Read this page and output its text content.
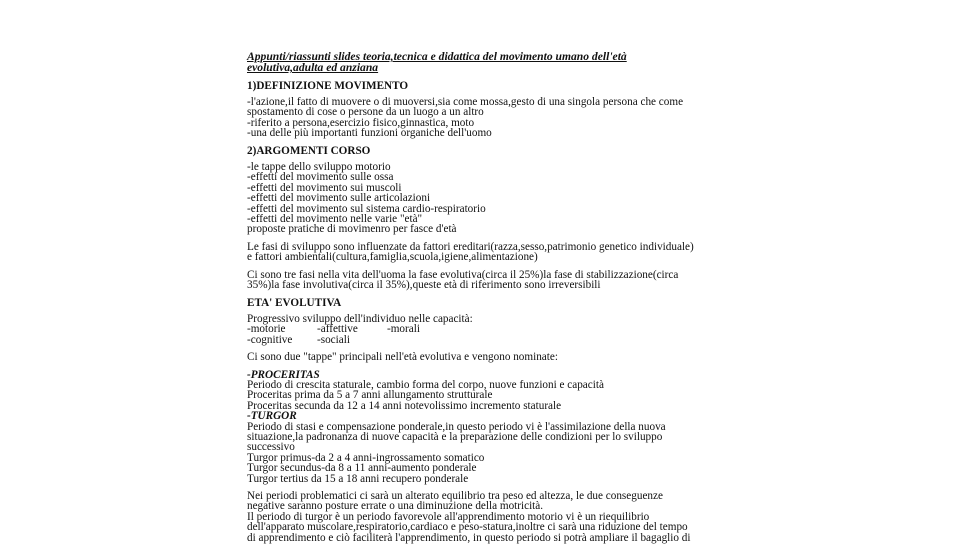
Appunti/riassunti slides teoria,tecnica e didattica del movimento umano dell'età
evolutiva,adulta ed anziana
1)DEFINIZIONE MOVIMENTO
-l'azione,il fatto di muovere o di muoversi,sia come mossa,gesto di una singola persona che come
spostamento di cose o persone da un luogo a un altro
-riferito a persona,esercizio fisico,ginnastica, moto
-una delle più importanti funzioni organiche dell'uomo
2)ARGOMENTI CORSO
-le tappe dello sviluppo motorio
-effetti del movimento sulle ossa
-effetti del movimento sui muscoli
-effetti del movimento sulle articolazioni
-effetti del movimento sul sistema cardio-respiratorio
-effetti del movimento nelle varie "età"
proposte pratiche di movimenro per fasce d'età
Le fasi di sviluppo sono influenzate da fattori ereditari(razza,sesso,patrimonio genetico individuale)
e fattori ambientali(cultura,famiglia,scuola,igiene,alimentazione)
Ci sono tre fasi nella vita dell'uoma la fase evolutiva(circa il 25%)la fase di stabilizzazione(circa
35%)la fase involutiva(circa il 35%),queste età di riferimento sono irreversibili
ETA' EVOLUTIVA
Progressivo sviluppo dell'individuo nelle capacità:
-motorie	-affettive	-morali
-cognitive -sociali
Ci sono due "tappe" principali nell'età evolutiva e vengono nominate:
-PROCERITAS
Periodo di crescita staturale, cambio forma del corpo, nuove funzioni e capacità
Proceritas prima da 5 a 7 anni allungamento strutturale
Proceritas secunda da 12 a 14 anni notevolissimo incremento staturale
-TURGOR
Periodo di stasi e compensazione ponderale,in questo periodo vi è l'assimilazione della nuova
situazione,la padronanza di nuove capacità e la preparazione delle condizioni per lo sviluppo
successivo
Turgor primus-da 2 a 4 anni-ingrossamento somatico
Turgor secundus-da 8 a 11 anni-aumento ponderale
Turgor tertius da 15 a 18 anni recupero ponderale
Nei periodi problematici ci sarà un alterato equilibrio tra peso ed altezza, le due conseguenze
negative saranno posture errate o una diminuzione della motricità.
Il periodo di turgor è un periodo favorevole all'apprendimento motorio vi è un riequilibrio
dell'apparato muscolare,respiratorio,cardiaco e peso-statura,inoltre ci sarà una riduzione del tempo
di apprendimento e ciò faciliterà l'apprendimento, in questo periodo si potrà ampliare il bagaglio di
